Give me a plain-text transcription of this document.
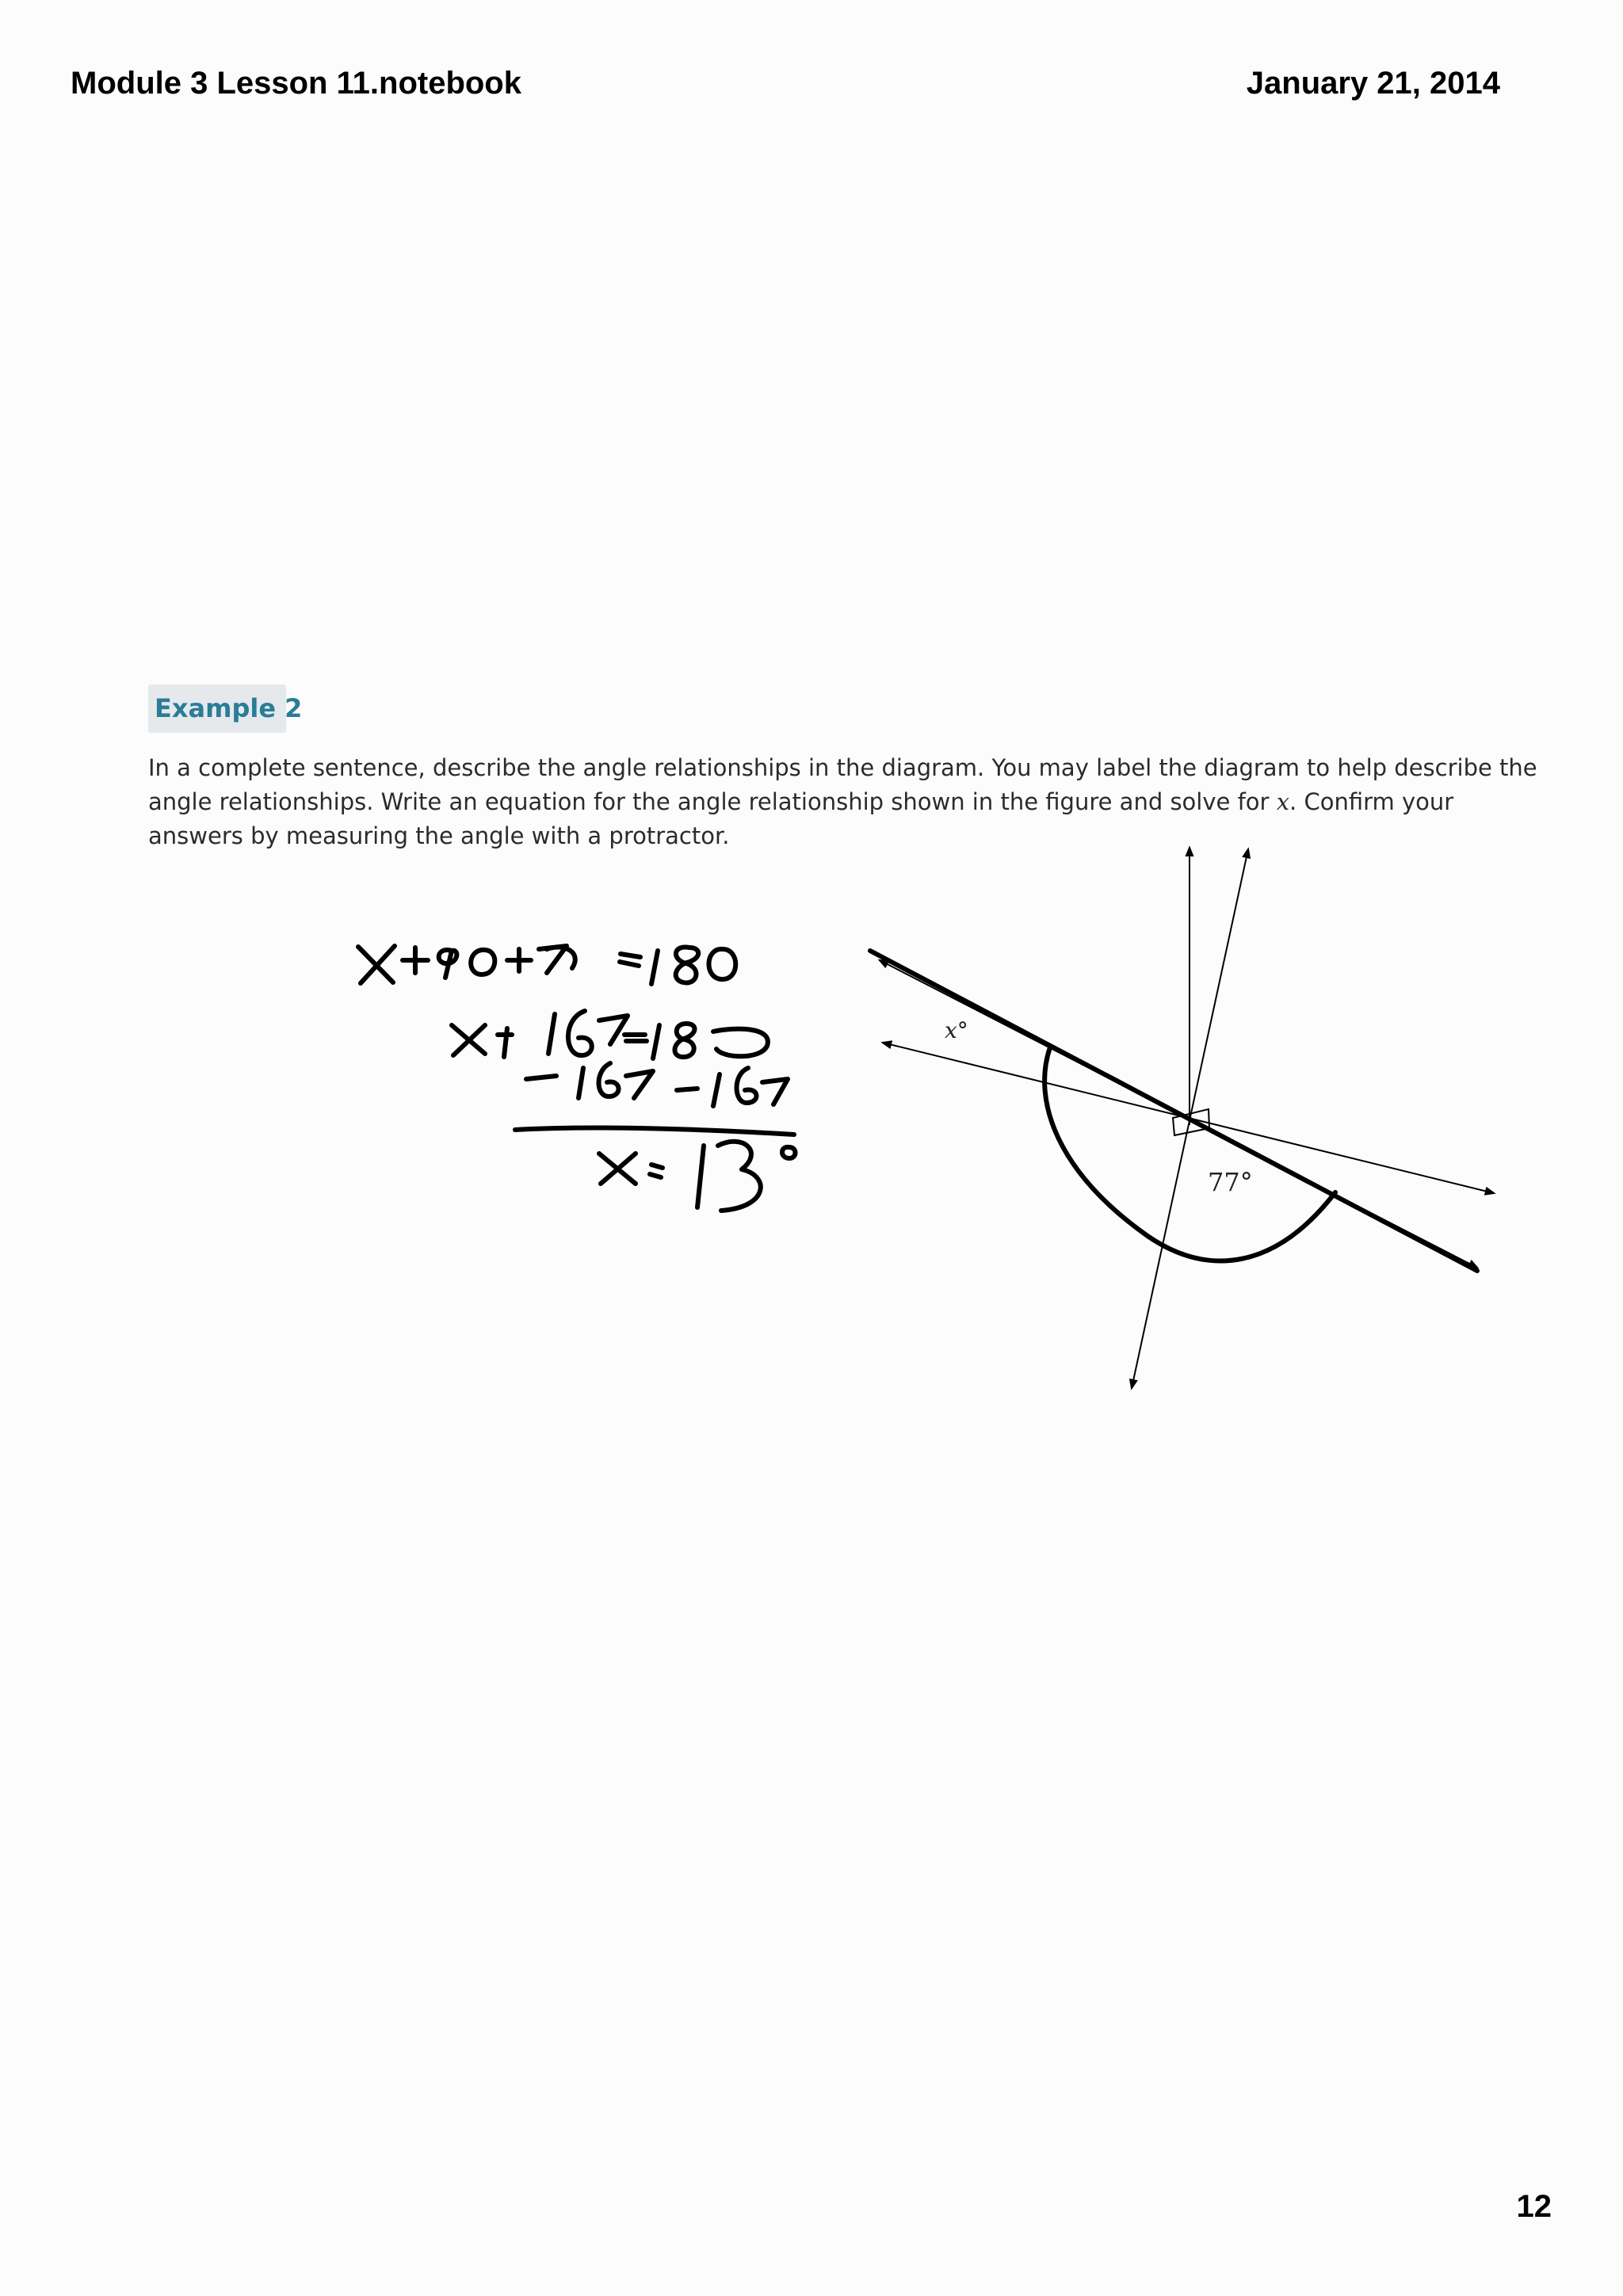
Module 3 Lesson 11.notebook	January 21, 2014
Example 2

In a complete sentence, describe the angle relationships in the diagram. You may label the diagram to help describe the

angle relationships. Write an equation for the angle relationship shown in the figure and solve for x. Confirm your

answers by measuring the angle with a protractor.

x°
77°
12
